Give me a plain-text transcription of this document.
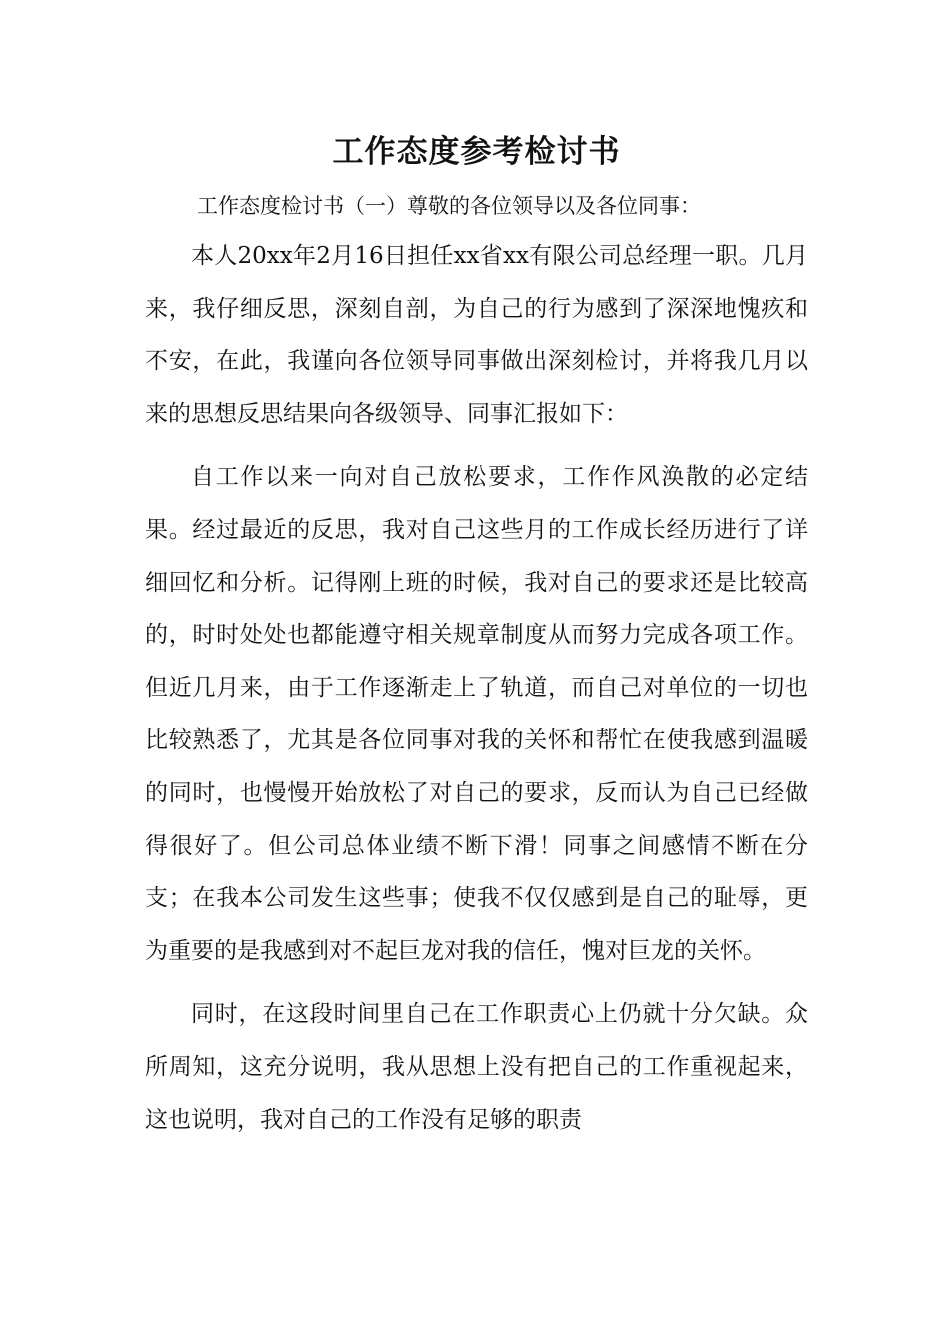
工作态度参考检讨书

工作态度检讨书（一）尊敬的各位领导以及各位同事：

本人20xx年2月16日担任xx省xx有限公司总经理一职。几月来，我仔细反思，深刻自剖，为自己的行为感到了深深地愧疚和不安，在此，我谨向各位领导同事做出深刻检讨，并将我几月以来的思想反思结果向各级领导、同事汇报如下：

自工作以来一向对自己放松要求，工作作风涣散的必定结果。经过最近的反思，我对自己这些月的工作成长经历进行了详细回忆和分析。记得刚上班的时候，我对自己的要求还是比较高的，时时处处也都能遵守相关规章制度从而努力完成各项工作。但近几月来，由于工作逐渐走上了轨道，而自己对单位的一切也比较熟悉了，尤其是各位同事对我的关怀和帮忙在使我感到温暖的同时，也慢慢开始放松了对自己的要求，反而认为自己已经做得很好了。但公司总体业绩不断下滑！同事之间感情不断在分支；在我本公司发生这些事；使我不仅仅感到是自己的耻辱，更为重要的是我感到对不起巨龙对我的信任，愧对巨龙的关怀。

同时，在这段时间里自己在工作职责心上仍就十分欠缺。众所周知，这充分说明，我从思想上没有把自己的工作重视起来，这也说明，我对自己的工作没有足够的职责
